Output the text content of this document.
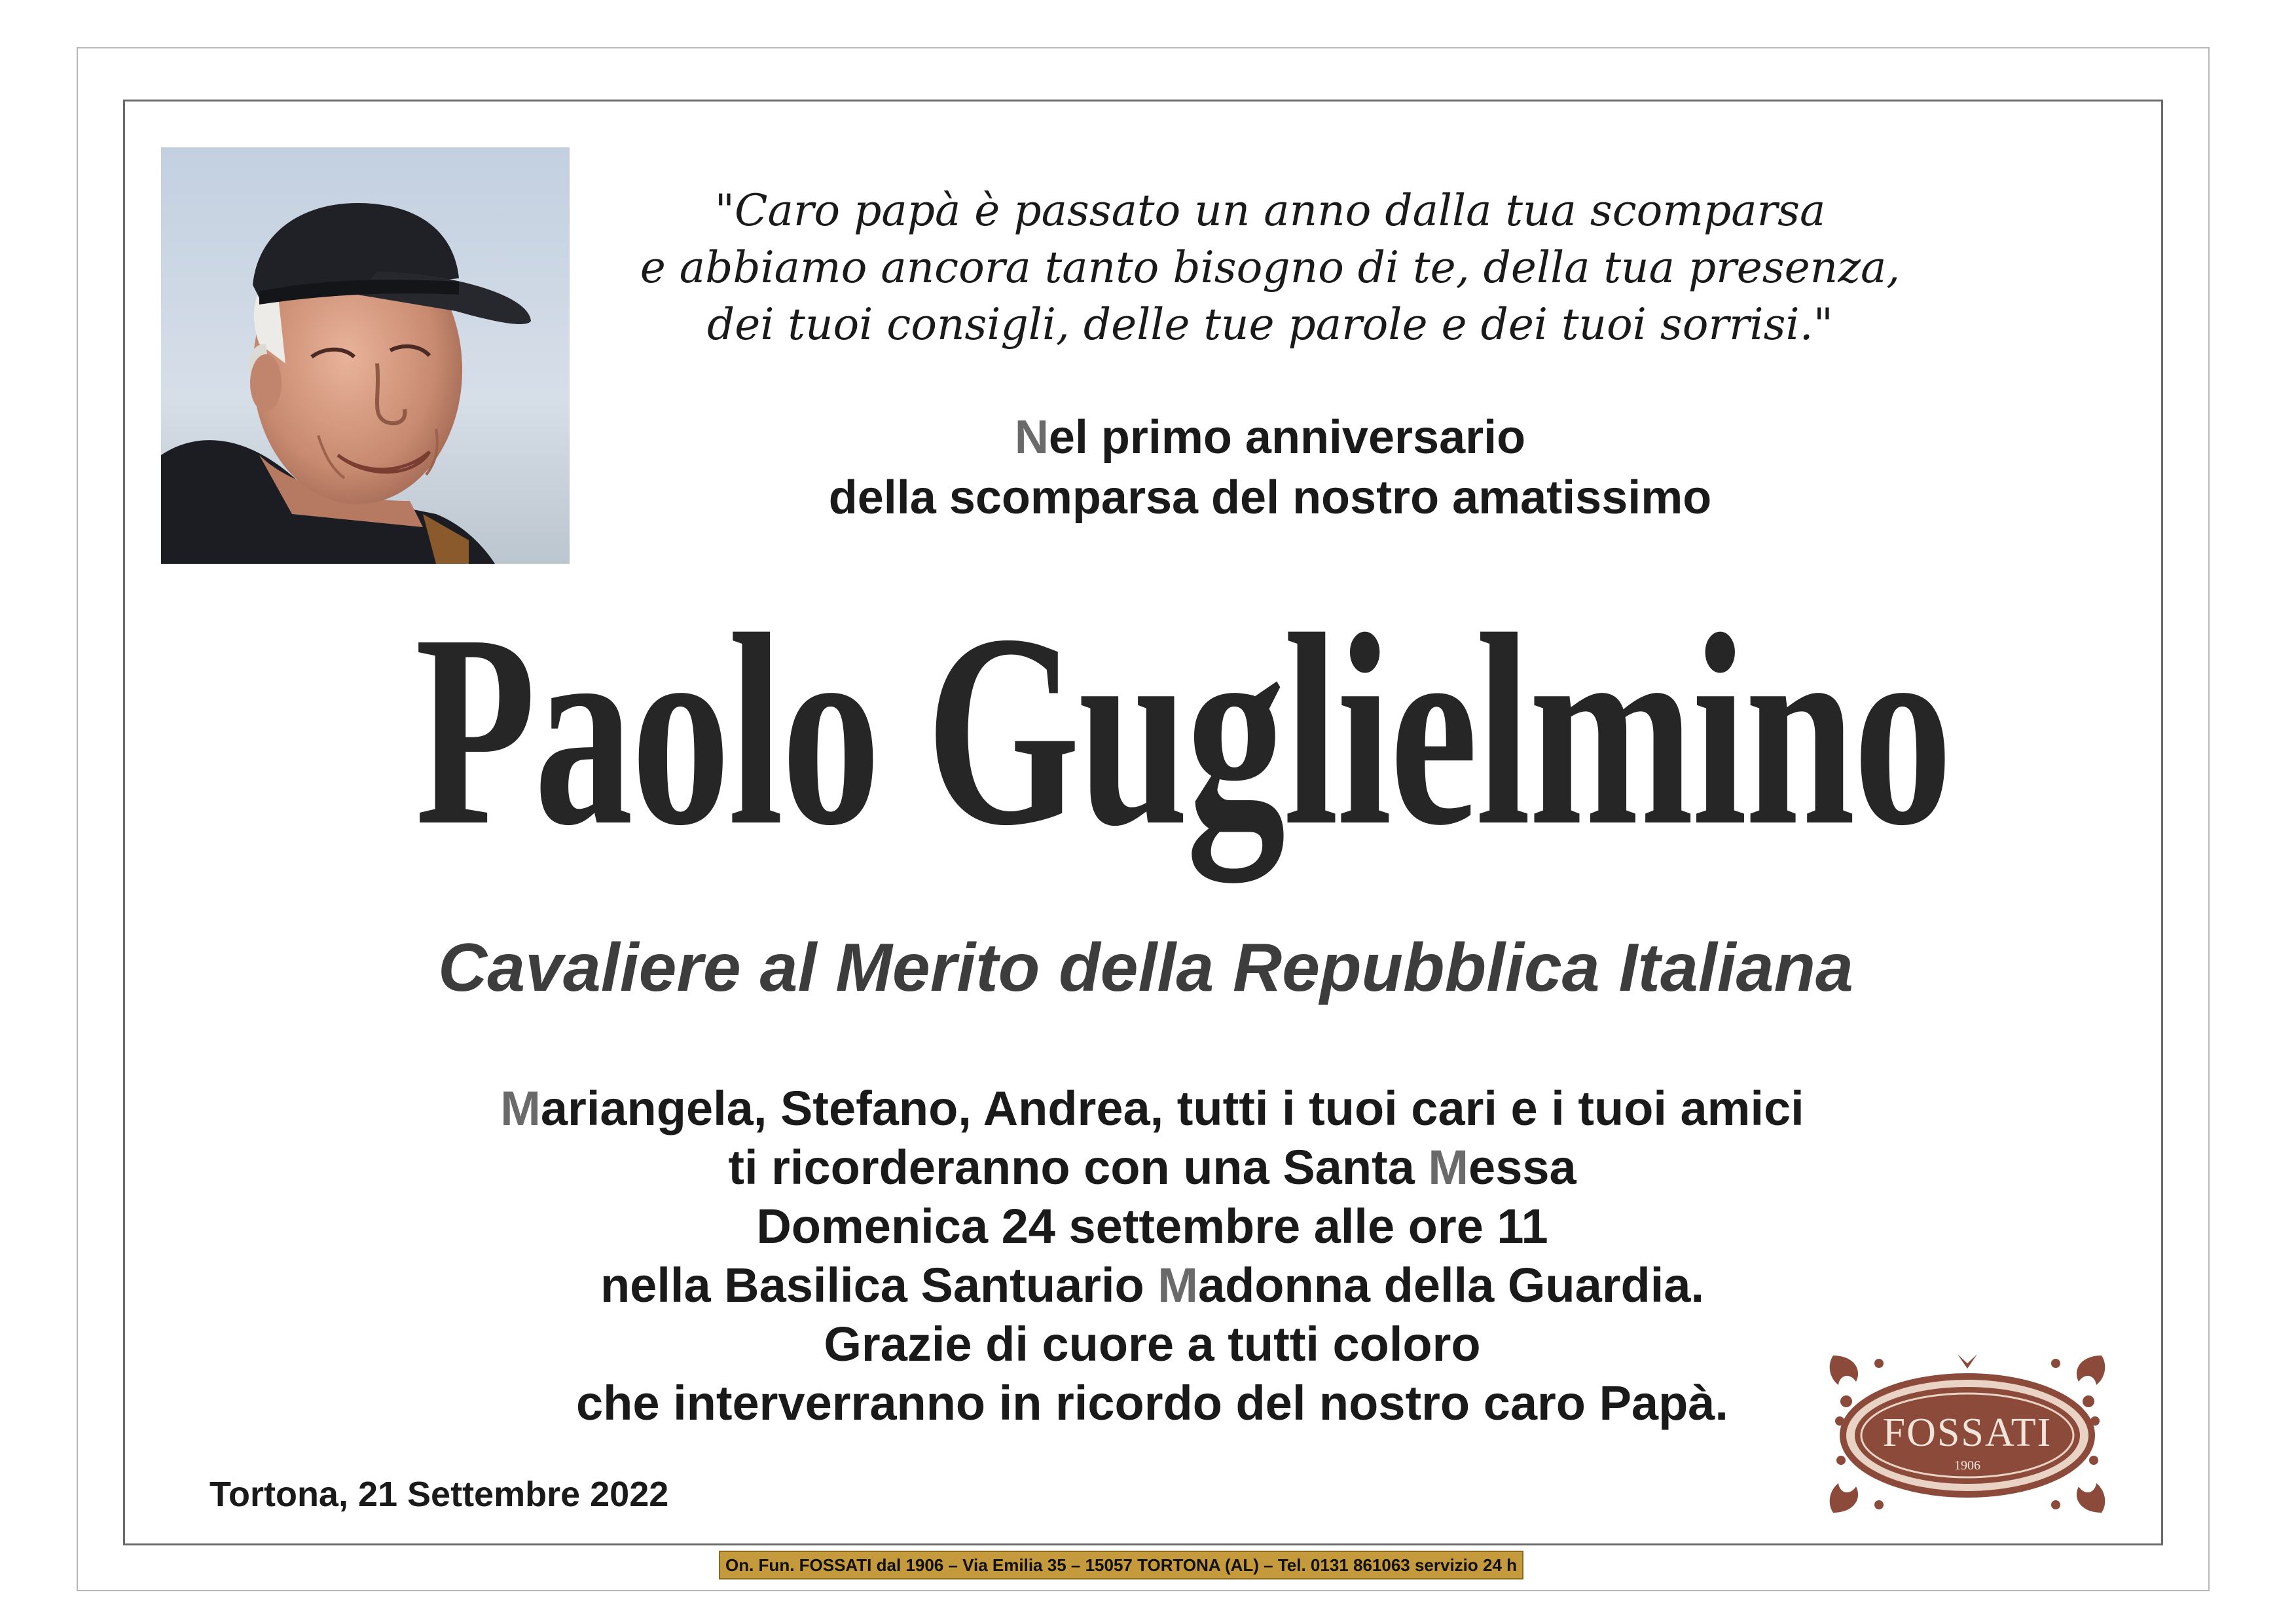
"Caro papà è passato un anno dalla tua scomparsa
e abbiamo ancora tanto bisogno di te, della tua presenza,
dei tuoi consigli, delle tue parole e dei tuoi sorrisi."
Nel primo anniversario
della scomparsa del nostro amatissimo
Paolo Guglielmino
Cavaliere al Merito della Repubblica Italiana
Mariangela, Stefano, Andrea, tutti i tuoi cari e i tuoi amici
ti ricorderanno con una Santa Messa
Domenica 24 settembre alle ore 11
nella Basilica Santuario Madonna della Guardia.
Grazie di cuore a tutti coloro
che interverranno in ricordo del nostro caro Papà.
Tortona, 21 Settembre 2022
FOSSATI
1906
On. Fun. FOSSATI dal 1906 – Via Emilia 35 – 15057 TORTONA (AL) – Tel. 0131 861063 servizio 24 h
